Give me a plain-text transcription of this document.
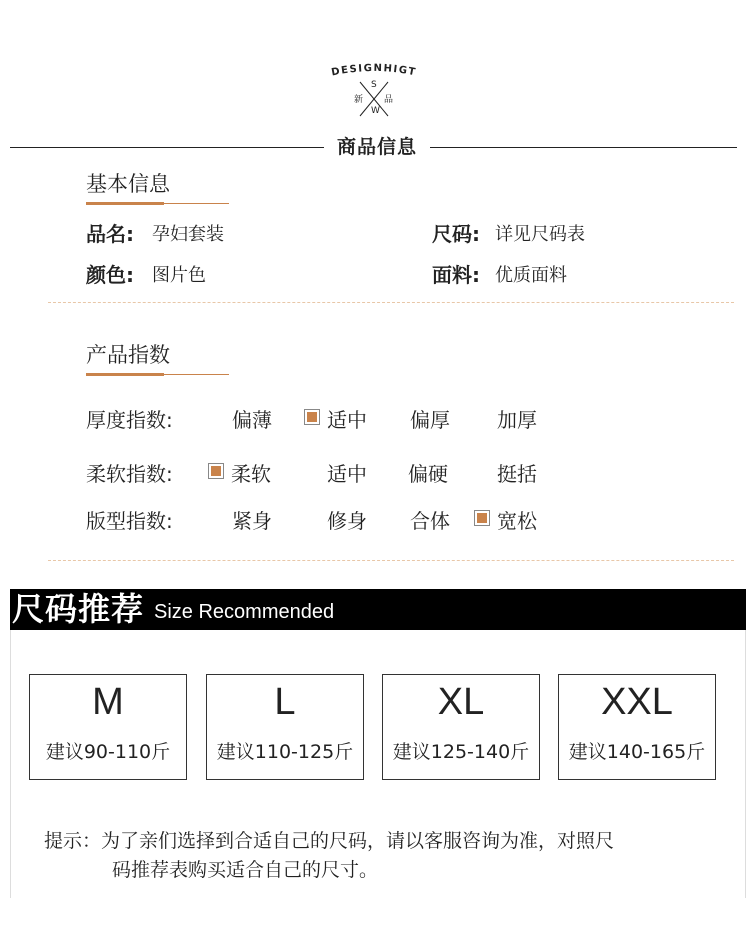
DESIGNHIGT
S
W
新 品
商品信息
基本信息
品名: 孕妇套装	尺码: 详见尺码表
颜色: 图片色	面料: 优质面料
产品指数
厚度指数:	偏薄	适中 偏厚 加厚
柔软指数:	柔软	适中 偏硬 挺括
版型指数:	紧身	修身 合体 宽松
尺码推荐 Size Recommended
M
建议90-110斤
L
建议110-125斤
XL
建议125-140斤
XXL
建议140-165斤
提示：为了亲们选择到合适自己的尺码，请以客服咨询为准，对照尺
码推荐表购买适合自己的尺寸。
